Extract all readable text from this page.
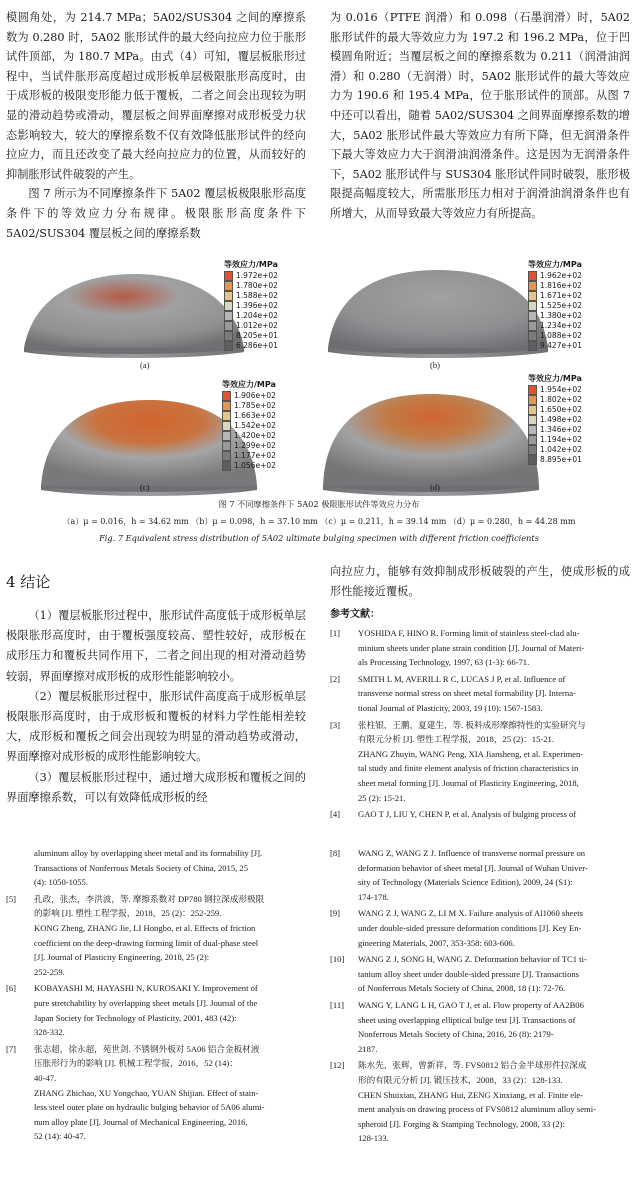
模圆角处，为 214.7 MPa；5A02/SUS304 之间的摩擦系数为 0.280 时，5A02 胀形试件的最大经向拉应力位于胀形试件顶部，为 180.7 MPa。由式（4）可知，覆层板胀形过程中，当试件胀形高度超过成形板单层极限胀形高度时，由于成形板的极限变形能力低于覆板，二者之间会出现较为明显的滑动趋势或滑动，覆层板之间界面摩擦对成形板受力状态影响较大，较大的摩擦系数不仅有效降低胀形试件的经向拉应力，而且还改变了最大经向拉应力的位置，从而较好的抑制胀形试件破裂的产生。

图 7 所示为不同摩擦条件下 5A02 覆层板极限胀形高度条件下的等效应力分布规律。极限胀形高度条件下 5A02/SUS304 覆层板之间的摩擦系数

为 0.016（PTFE 润滑）和 0.098（石墨润滑）时，5A02 胀形试件的最大等效应力为 197.2 和 196.2 MPa，位于凹模圆角附近；当覆层板之间的摩擦系数为 0.211（润滑油润滑）和 0.280（无润滑）时，5A02 胀形试件的最大等效应力为 190.6 和 195.4 MPa，位于胀形试件的顶部。从图 7 中还可以看出，随着 5A02/SUS304 之间界面摩擦系数的增大，5A02 胀形试件最大等效应力有所下降，但无润滑条件下最大等效应力大于润滑油润滑条件。这是因为无润滑条件下，5A02 胀形试件与 SUS304 胀形试件同时破裂，胀形极限提高幅度较大，所需胀形压力相对于润滑油润滑条件也有所增大，从而导致最大等效应力有所提高。

等效应力/MPa
1.972e+02
1.780e+02
1.588e+02
1.396e+02
1.204e+02
1.012e+02
8.205e+01
6.286e+01
(a)
等效应力/MPa
1.962e+02
1.816e+02
1.671e+02
1.525e+02
1.380e+02
1.234e+02
1.088e+02
9.427e+01
(b)
等效应力/MPa
1.906e+02
1.785e+02
1.663e+02
1.542e+02
1.420e+02
1.299e+02
1.177e+02
1.056e+02
(c)
等效应力/MPa
1.954e+02
1.802e+02
1.650e+02
1.498e+02
1.346e+02
1.194e+02
1.042e+02
8.895e+01
(d)
图 7 不同摩擦条件下 5A02 极限胀形试件等效应力分布
（a）μ = 0.016，h = 34.62 mm （b）μ = 0.098，h = 37.10 mm （c）μ = 0.211，h = 39.14 mm （d）μ = 0.280，h = 44.28 mm
Fig. 7 Equivalent stress distribution of 5A02 ultimate bulging specimen with different friction coefficients
4 结论

（1）覆层板胀形过程中，胀形试件高度低于成形板单层极限胀形高度时，由于覆板强度较高、塑性较好，成形板在成形压力和覆板共同作用下，二者之间出现的相对滑动趋势较弱，界面摩擦对成形板的成形性能影响较小。

（2）覆层板胀形过程中，胀形试件高度高于成形板单层极限胀形高度时，由于成形板和覆板的材料力学性能相差较大，成形板和覆板之间会出现较为明显的滑动趋势或滑动，界面摩擦对成形板的成形性能影响较大。

（3）覆层板胀形过程中，通过增大成形板和覆板之间的界面摩擦系数，可以有效降低成形板的经

向拉应力，能够有效抑制成形板破裂的产生，使成形板的成形性能接近覆板。

参考文献：
[1]	YOSHIDA F, HINO R. Forming limit of stainless steel-clad alu-
minium sheets under plane strain condition [J]. Journal of Materi-
als Processing Technology, 1997, 63 (1-3): 66-71.
[2]	SMITH L M, AVERILL R C, LUCAS J P, et al. Influence of
transverse normal stress on sheet metal formability [J]. Interna-
tional Journal of Plasticity, 2003, 19 (10): 1567-1583.
[3]	张柱银，王鹏，夏建生，等. 板料成形摩擦特性的实验研究与
有限元分析 [J]. 塑性工程学报，2018，25 (2)：15-21.
ZHANG Zhuyin, WANG Peng, XIA Jiansheng, et al. Experimen-
tal study and finite element analysis of friction characteristics in
sheet metal forming [J]. Journal of Plasticity Engineering, 2018,
25 (2): 15-21.
[4]	GAO T J, LIU Y, CHEN P, et al. Analysis of bulging process of
aluminum alloy by overlapping sheet metal and its formability [J].
Transactions of Nonferrous Metals Society of China, 2015, 25
(4): 1050-1055.
[5]	孔政，张杰，李洪波，等. 摩擦系数对 DP780 钢拉深成形极限
的影响 [J]. 塑性工程学报，2018，25 (2)：252-259.
KONG Zheng, ZHANG Jie, LI Hongbo, et al. Effects of friction
coefficient on the deep-drawing forming limit of dual-phase steel
[J]. Journal of Plasticity Engineering, 2018, 25 (2):
252-259.
[6]	KOBAYASHI M, HAYASHI N, KUROSAKI Y. Improvement of
pure stretchability by overlapping sheet metals [J]. Journal of the
Japan Society for Technology of Plasticity, 2001, 483 (42):
328-332.
[7]	张志超，徐永超，苑世剑. 不锈钢外板对 5A06 铝合金板材液
压胀形行为的影响 [J]. 机械工程学报，2016，52 (14)：
40-47.
ZHANG Zhichao, XU Yongchao, YUAN Shijian. Effect of stain-
less steel outer plate on hydraulic bulging behavior of 5A06 alumi-
num alloy plate [J]. Journal of Mechanical Engineering, 2016,
52 (14): 40-47.
[8]	WANG Z, WANG Z J. Influence of transverse normal pressure on
deformation behavior of sheet metal [J]. Journal of Wuhan Univer-
sity of Technology (Materials Science Edition), 2009, 24 (S1):
174-178.
[9]	WANG Z J, WANG Z, LI M X. Failure analysis of Al1060 sheets
under double-sided pressure deformation conditions [J]. Key En-
gineering Materials, 2007, 353-358: 603-606.
[10]	WANG Z J, SONG H, WANG Z. Deformation behavior of TC1 ti-
tanium alloy sheet under double-sided pressure [J]. Transactions
of Nonferrous Metals Society of China, 2008, 18 (1): 72-76.
[11]	WANG Y, LANG L H, GAO T J, et al. Flow property of AA2B06
sheet using overlapping elliptical bulge test [J]. Transactions of
Nonferrous Metals Society of China, 2016, 26 (8): 2179-
2187.
[12]	陈水先，张辉，曾新祥，等. FVS0812 铝合金半球形件拉深成
形的有限元分析 [J]. 锻压技术，2008，33 (2)：128-133.
CHEN Shuixian, ZHANG Hui, ZENG Xinxiang, et al. Finite ele-
ment analysis on drawing process of FVS0812 aluminum alloy semi-
spheroid [J]. Forging & Stamping Technology, 2008, 33 (2):
128-133.
